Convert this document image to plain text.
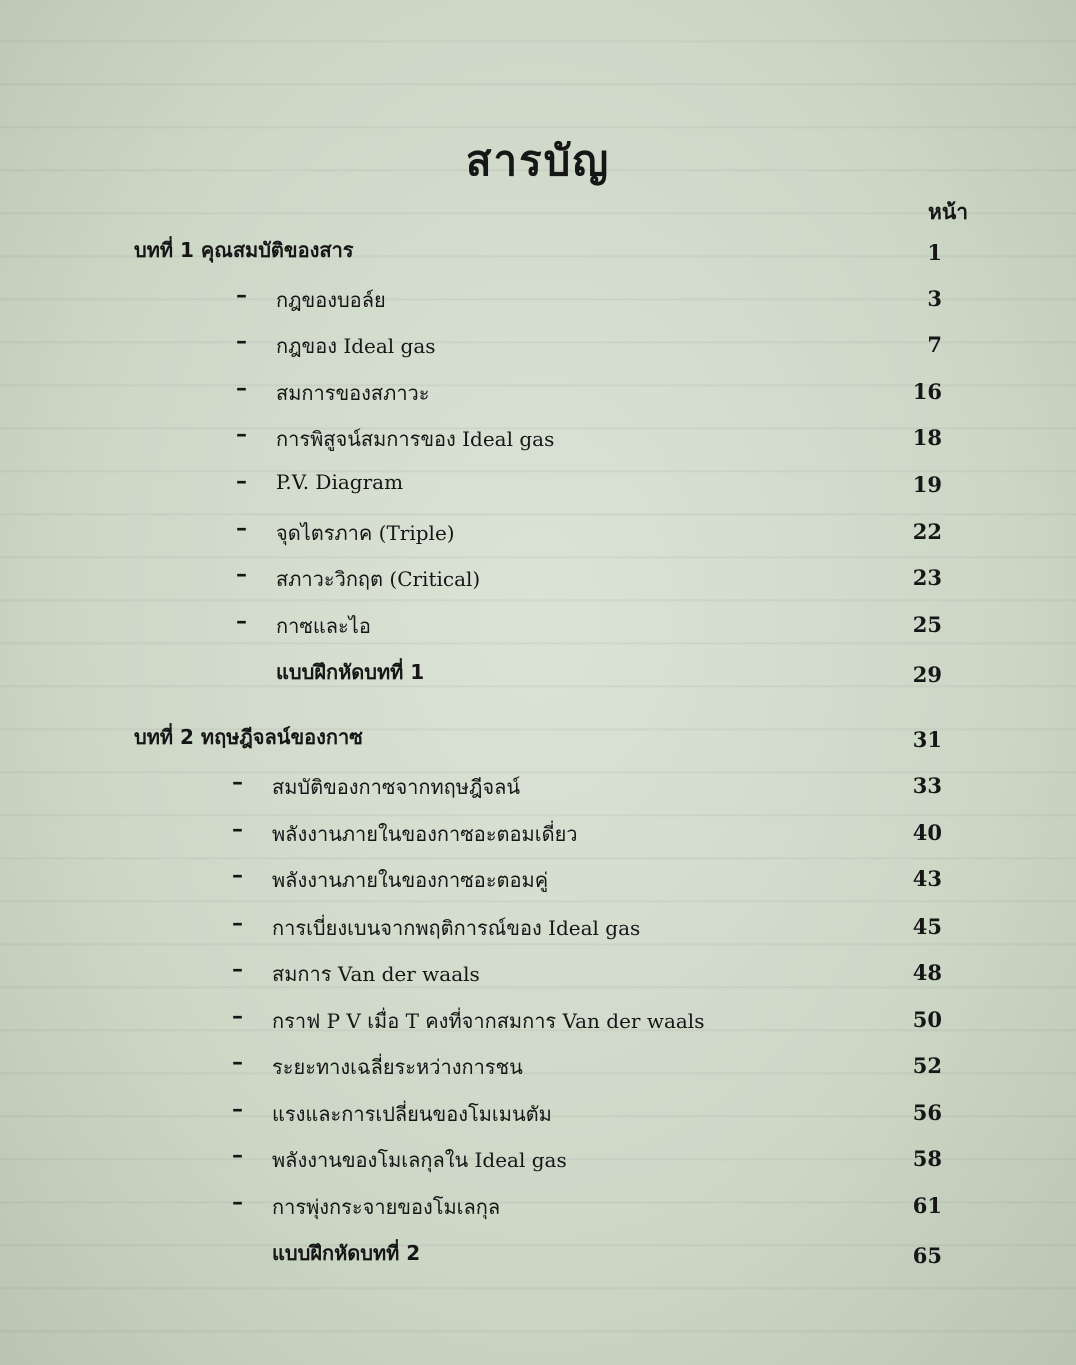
สารบัญ
หน้า
บทที่ 1 คุณสมบัติของสาร	1
– กฎของบอล์ย	3
– กฎของ Ideal gas	7
– สมการของสภาวะ	16
– การพิสูจน์สมการของ Ideal gas	18
– P.V. Diagram	19
– จุดไตรภาค (Triple)	22
– สภาวะวิกฤต (Critical)	23
– กาซและไอ	25
แบบฝึกหัดบทที่ 1	29
บทที่ 2 ทฤษฎีจลน์ของกาซ	31
– สมบัติของกาซจากทฤษฎีจลน์	33
– พลังงานภายในของกาซอะตอมเดี่ยว	40
– พลังงานภายในของกาซอะตอมคู่	43
– การเบี่ยงเบนจากพฤติการณ์ของ Ideal gas	45
– สมการ Van der waals	48
– กราฟ P V เมื่อ T คงที่จากสมการ Van der waals	50
– ระยะทางเฉลี่ยระหว่างการชน	52
– แรงและการเปลี่ยนของโมเมนตัม	56
– พลังงานของโมเลกุลใน Ideal gas	58
– การพุ่งกระจายของโมเลกุล	61
แบบฝึกหัดบทที่ 2	65
